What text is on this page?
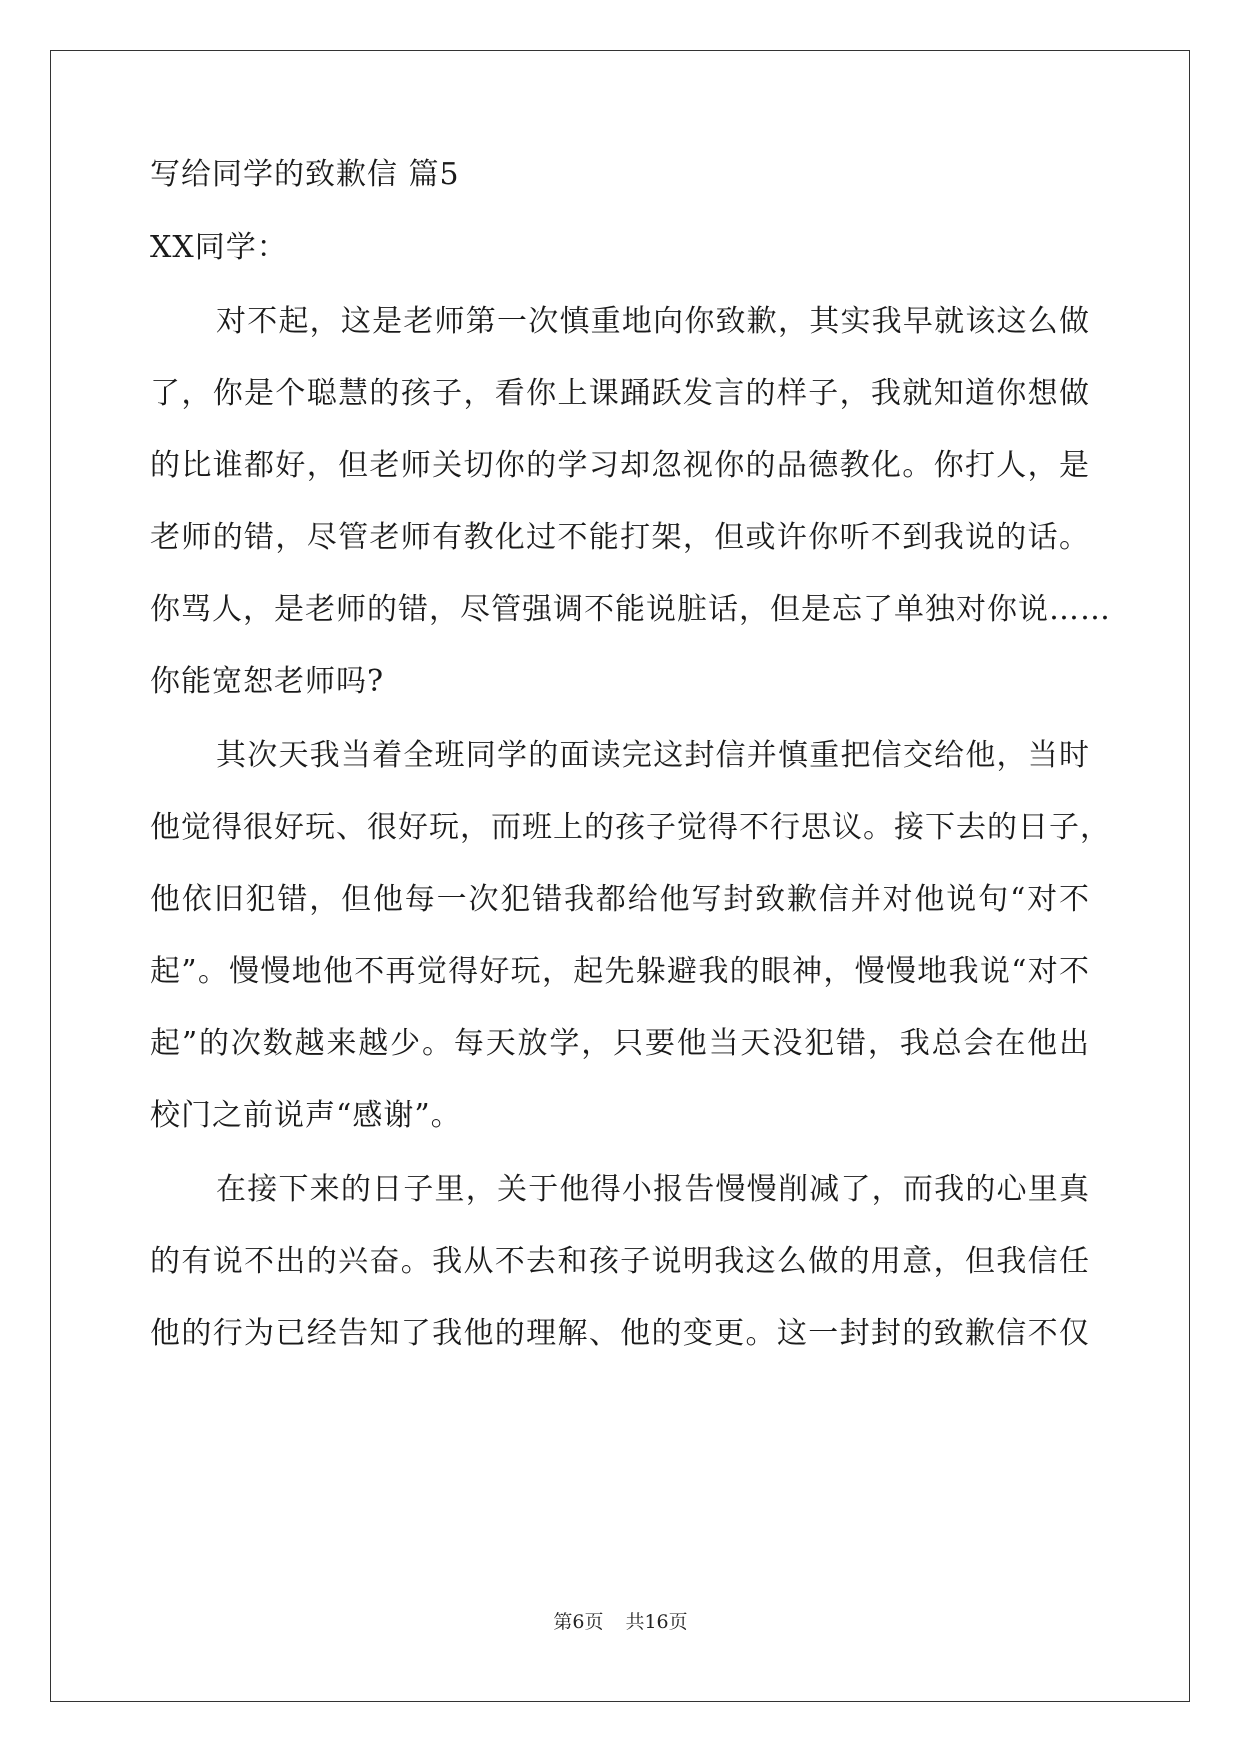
写给同学的致歉信 篇5
XX同学：
对不起，这是老师第一次慎重地向你致歉，其实我早就该这么做
了，你是个聪慧的孩子，看你上课踊跃发言的样子，我就知道你想做
的比谁都好，但老师关切你的学习却忽视你的品德教化。你打人，是
老师的错，尽管老师有教化过不能打架，但或许你听不到我说的话。
你骂人，是老师的错，尽管强调不能说脏话，但是忘了单独对你说……
你能宽恕老师吗?
其次天我当着全班同学的面读完这封信并慎重把信交给他，当时
他觉得很好玩、很好玩，而班上的孩子觉得不行思议。接下去的日子，
他依旧犯错，但他每一次犯错我都给他写封致歉信并对他说句“对不
起”。慢慢地他不再觉得好玩，起先躲避我的眼神，慢慢地我说“对不
起”的次数越来越少。每天放学，只要他当天没犯错，我总会在他出
校门之前说声“感谢”。
在接下来的日子里，关于他得小报告慢慢削减了，而我的心里真
的有说不出的兴奋。我从不去和孩子说明我这么做的用意，但我信任
他的行为已经告知了我他的理解、他的变更。这一封封的致歉信不仅
第6页 共16页
